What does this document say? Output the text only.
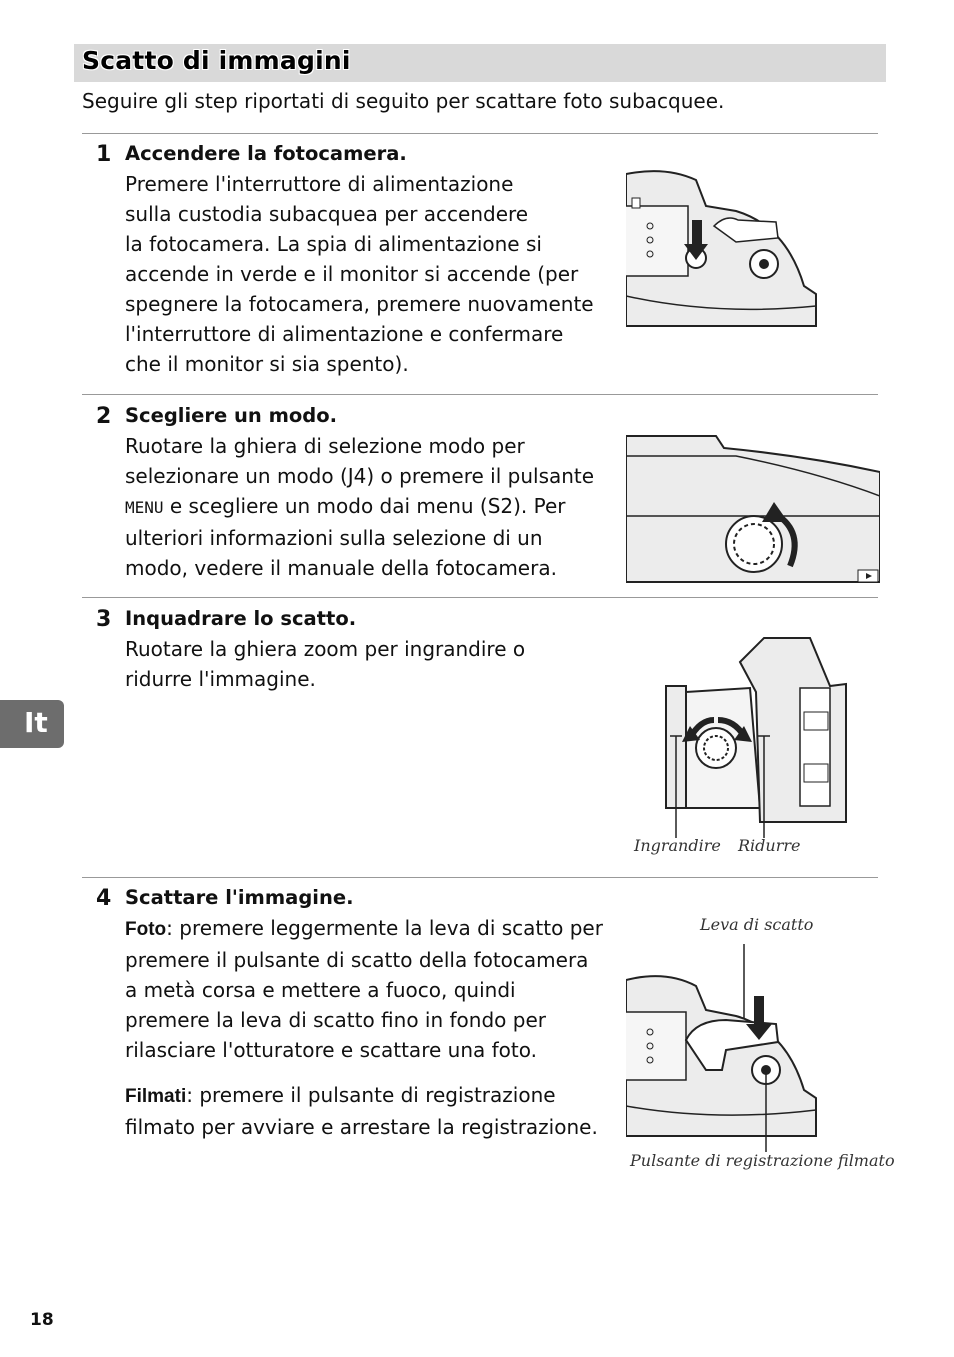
Scatto di immagini
Seguire gli step riportati di seguito per scattare foto subacquee.
1 Accendere la fotocamera.
Premere l'interruttore di alimentazione
sulla custodia subacquea per accendere
la fotocamera. La spia di alimentazione si
accende in verde e il monitor si accende (per
spegnere la fotocamera, premere nuovamente
l'interruttore di alimentazione e confermare
che il monitor si sia spento).
2 Scegliere un modo.
Ruotare la ghiera di selezione modo per
selezionare un modo (J4) o premere il pulsante
MENU e scegliere un modo dai menu (S2). Per
ulteriori informazioni sulla selezione di un
modo, vedere il manuale della fotocamera.
3 Inquadrare lo scatto.
Ruotare la ghiera zoom per ingrandire o
ridurre l'immagine.
Ingrandire Ridurre
4 Scattare l'immagine.
Foto: premere leggermente la leva di scatto per
premere il pulsante di scatto della fotocamera
a metà corsa e mettere a fuoco, quindi
premere la leva di scatto fino in fondo per
rilasciare l'otturatore e scattare una foto.
Filmati: premere il pulsante di registrazione
filmato per avviare e arrestare la registrazione.
Leva di scatto
Pulsante di registrazione filmato
It
18
